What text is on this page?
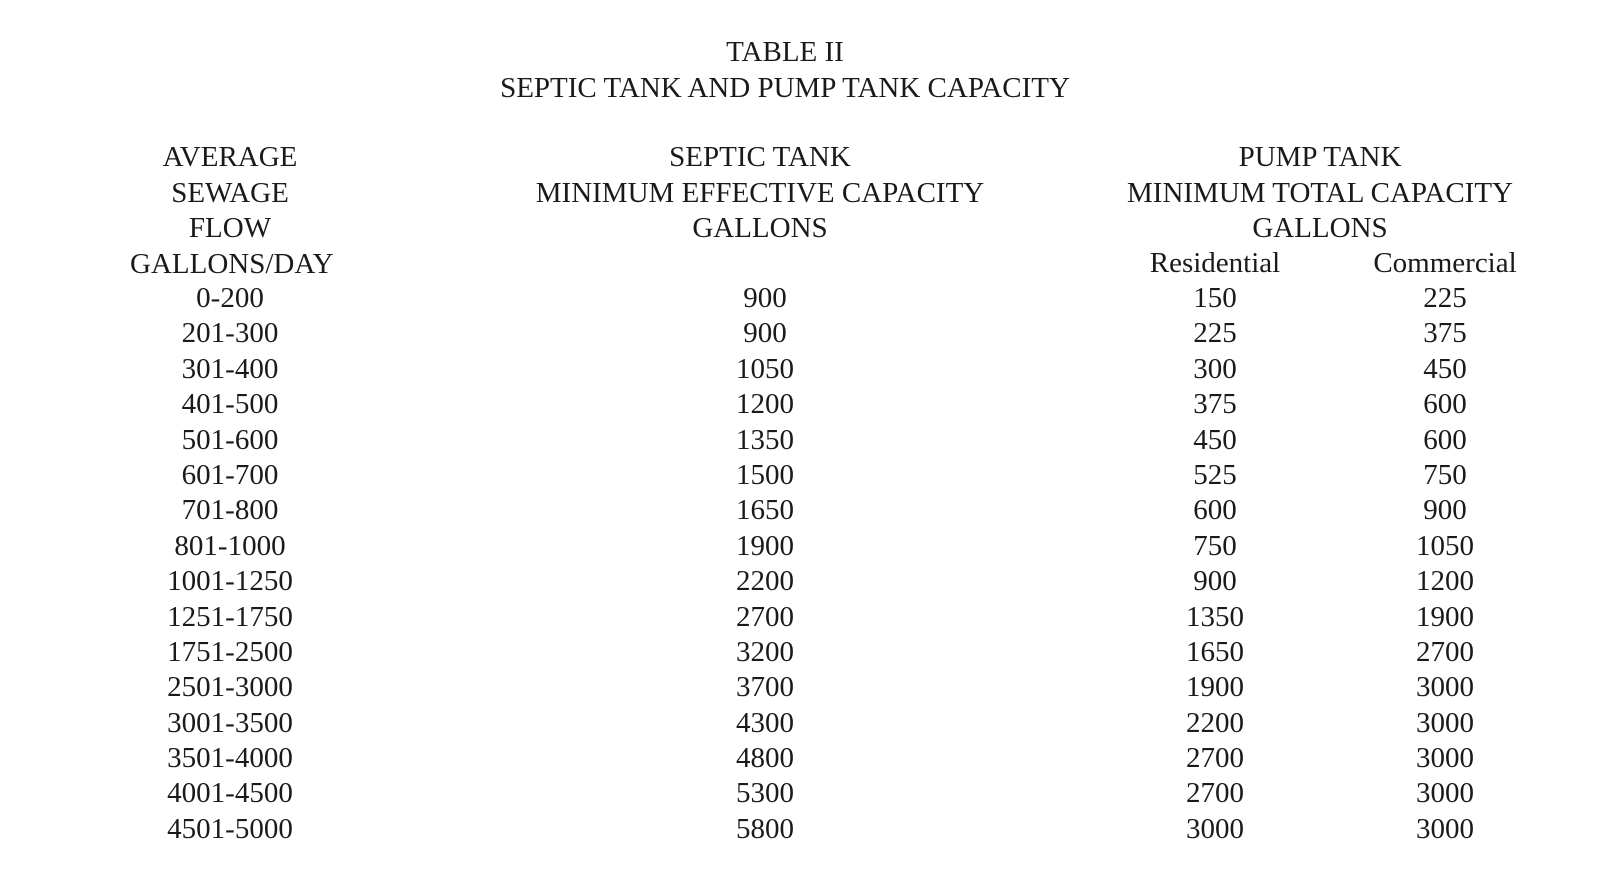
TABLE II
SEPTIC TANK AND PUMP TANK CAPACITY
AVERAGE
SEWAGE
FLOW
GALLONS/DAY
SEPTIC TANK
MINIMUM EFFECTIVE CAPACITY
GALLONS
PUMP TANK
MINIMUM TOTAL CAPACITY
GALLONS
Residential	Commercial
0-200	900	150	225
201-300	900	225	375
301-400	1050	300	450
401-500	1200	375	600
501-600	1350	450	600
601-700	1500	525	750
701-800	1650	600	900
801-1000	1900	750	1050
1001-1250	2200	900	1200
1251-1750	2700	1350	1900
1751-2500	3200	1650	2700
2501-3000	3700	1900	3000
3001-3500	4300	2200	3000
3501-4000	4800	2700	3000
4001-4500	5300	2700	3000
4501-5000	5800	3000	3000
